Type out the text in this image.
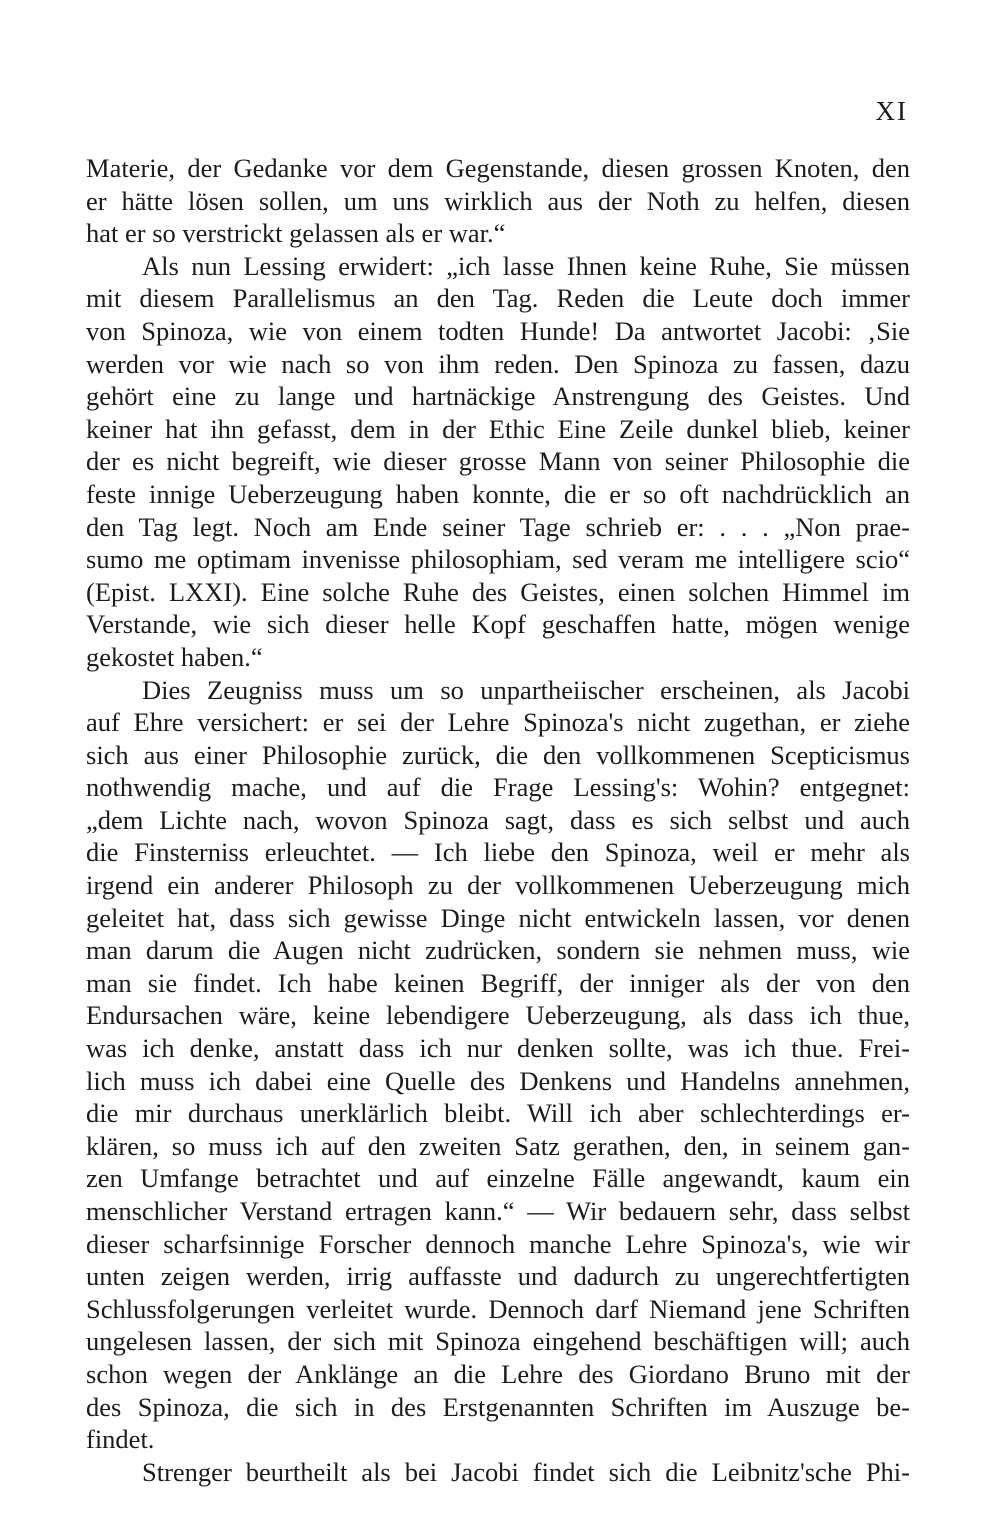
XI

Materie, der Gedanke vor dem Gegenstande, diesen grossen Knoten, den
er hätte lösen sollen, um uns wirklich aus der Noth zu helfen, diesen
hat er so verstrickt gelassen als er war.“
Als nun Lessing erwidert: „ich lasse Ihnen keine Ruhe, Sie müssen
mit diesem Parallelismus an den Tag. Reden die Leute doch immer
von Spinoza, wie von einem todten Hunde! Da antwortet Jacobi: ‚Sie
werden vor wie nach so von ihm reden. Den Spinoza zu fassen, dazu
gehört eine zu lange und hartnäckige Anstrengung des Geistes. Und
keiner hat ihn gefasst, dem in der Ethic Eine Zeile dunkel blieb, keiner
der es nicht begreift, wie dieser grosse Mann von seiner Philosophie die
feste innige Ueberzeugung haben konnte, die er so oft nachdrücklich an
den Tag legt. Noch am Ende seiner Tage schrieb er: . . . „Non prae-
sumo me optimam invenisse philosophiam, sed veram me intelligere scio“
(Epist. LXXI). Eine solche Ruhe des Geistes, einen solchen Himmel im
Verstande, wie sich dieser helle Kopf geschaffen hatte, mögen wenige
gekostet haben.“
Dies Zeugniss muss um so unpartheiischer erscheinen, als Jacobi
auf Ehre versichert: er sei der Lehre Spinoza's nicht zugethan, er ziehe
sich aus einer Philosophie zurück, die den vollkommenen Scepticismus
nothwendig mache, und auf die Frage Lessing's: Wohin? entgegnet:
„dem Lichte nach, wovon Spinoza sagt, dass es sich selbst und auch
die Finsterniss erleuchtet. — Ich liebe den Spinoza, weil er mehr als
irgend ein anderer Philosoph zu der vollkommenen Ueberzeugung mich
geleitet hat, dass sich gewisse Dinge nicht entwickeln lassen, vor denen
man darum die Augen nicht zudrücken, sondern sie nehmen muss, wie
man sie findet. Ich habe keinen Begriff, der inniger als der von den
Endursachen wäre, keine lebendigere Ueberzeugung, als dass ich thue,
was ich denke, anstatt dass ich nur denken sollte, was ich thue. Frei-
lich muss ich dabei eine Quelle des Denkens und Handelns annehmen,
die mir durchaus unerklärlich bleibt. Will ich aber schlechterdings er-
klären, so muss ich auf den zweiten Satz gerathen, den, in seinem gan-
zen Umfange betrachtet und auf einzelne Fälle angewandt, kaum ein
menschlicher Verstand ertragen kann.“ — Wir bedauern sehr, dass selbst
dieser scharfsinnige Forscher dennoch manche Lehre Spinoza's, wie wir
unten zeigen werden, irrig auffasste und dadurch zu ungerechtfertigten
Schlussfolgerungen verleitet wurde. Dennoch darf Niemand jene Schriften
ungelesen lassen, der sich mit Spinoza eingehend beschäftigen will; auch
schon wegen der Anklänge an die Lehre des Giordano Bruno mit der
des Spinoza, die sich in des Erstgenannten Schriften im Auszuge be-
findet.
Strenger beurtheilt als bei Jacobi findet sich die Leibnitz'sche Phi-
